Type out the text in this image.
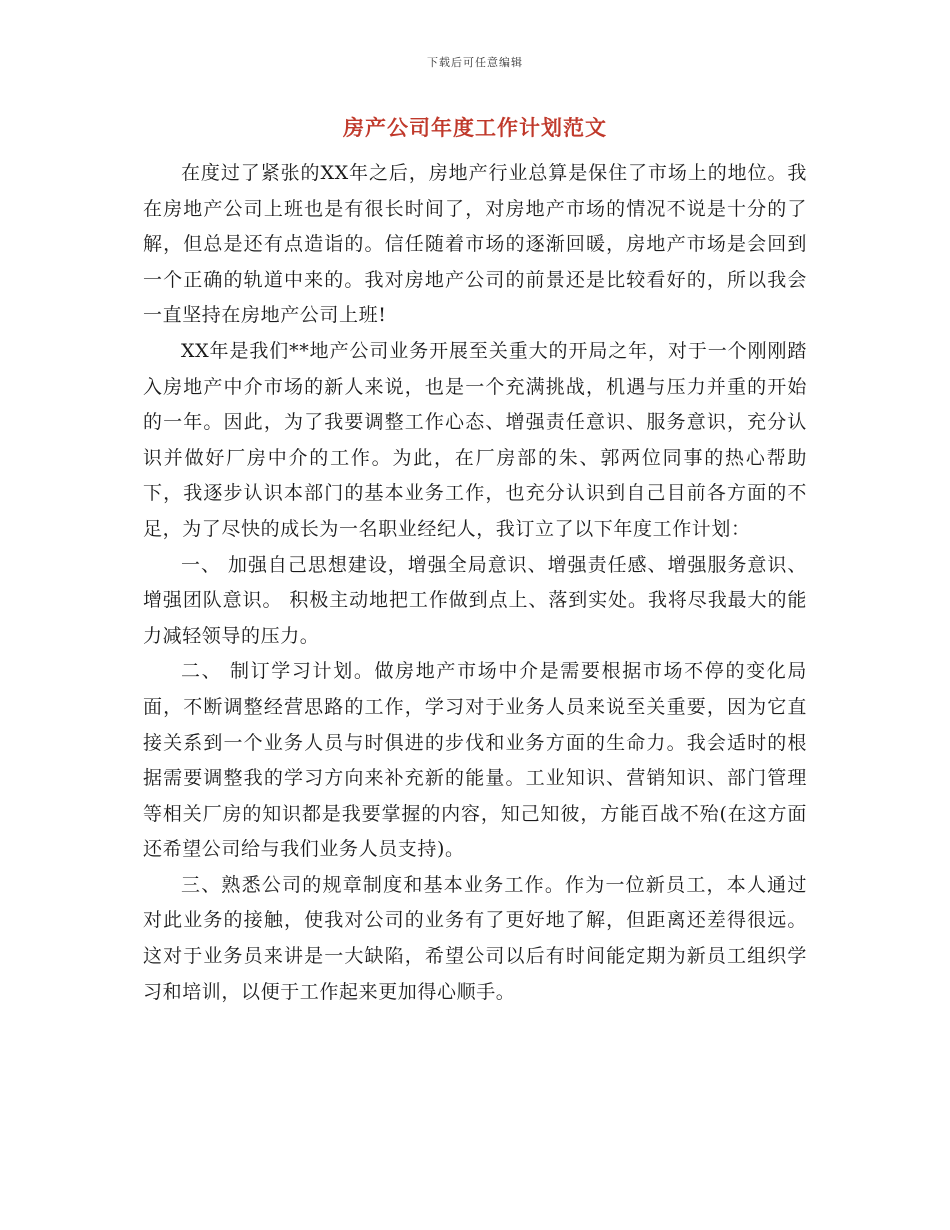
下载后可任意编辑
房产公司年度工作计划范文

在度过了紧张的XX年之后，房地产行业总算是保住了市场上的地位。我在房地产公司上班也是有很长时间了，对房地产市场的情况不说是十分的了解，但总是还有点造诣的。信任随着市场的逐渐回暖，房地产市场是会回到一个正确的轨道中来的。我对房地产公司的前景还是比较看好的，所以我会一直坚持在房地产公司上班!

XX年是我们**地产公司业务开展至关重大的开局之年，对于一个刚刚踏入房地产中介市场的新人来说，也是一个充满挑战，机遇与压力并重的开始的一年。因此，为了我要调整工作心态、增强责任意识、服务意识，充分认识并做好厂房中介的工作。为此，在厂房部的朱、郭两位同事的热心帮助下，我逐步认识本部门的基本业务工作，也充分认识到自己目前各方面的不足，为了尽快的成长为一名职业经纪人，我订立了以下年度工作计划：

一、 加强自己思想建设，增强全局意识、增强责任感、增强服务意识、增强团队意识。 积极主动地把工作做到点上、落到实处。我将尽我最大的能力减轻领导的压力。

二、 制订学习计划。做房地产市场中介是需要根据市场不停的变化局面，不断调整经营思路的工作，学习对于业务人员来说至关重要，因为它直接关系到一个业务人员与时俱进的步伐和业务方面的生命力。我会适时的根据需要调整我的学习方向来补充新的能量。工业知识、营销知识、部门管理等相关厂房的知识都是我要掌握的内容，知己知彼，方能百战不殆(在这方面还希望公司给与我们业务人员支持)。

三、熟悉公司的规章制度和基本业务工作。作为一位新员工，本人通过对此业务的接触，使我对公司的业务有了更好地了解，但距离还差得很远。这对于业务员来讲是一大缺陷，希望公司以后有时间能定期为新员工组织学习和培训，以便于工作起来更加得心顺手。
